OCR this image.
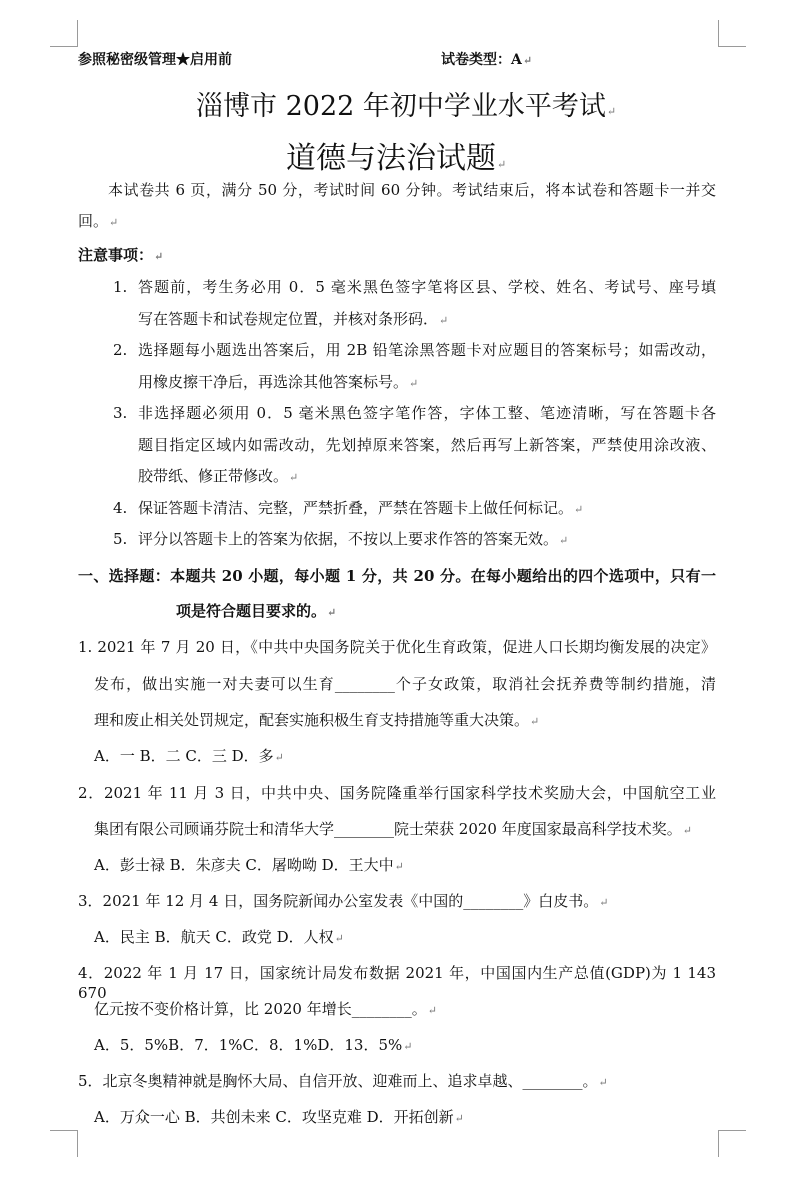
参照秘密级管理★启用前	试卷类型：A↵
淄博市 2022 年初中学业水平考试↵
道德与法治试题↵
本试卷共 6 页，满分 50 分，考试时间 60 分钟。考试结束后，将本试卷和答题卡一并交
回。↵
注意事项：↵
1. 答题前，考生务必用 0．5 毫米黑色签字笔将区县、学校、姓名、考试号、座号填
写在答题卡和试卷规定位置，并核对条形码．↵
2. 选择题每小题选出答案后，用 2B 铅笔涂黑答题卡对应题目的答案标号；如需改动，
用橡皮擦干净后，再选涂其他答案标号。↵
3. 非选择题必须用 0．5 毫米黑色签字笔作答，字体工整、笔迹清晰，写在答题卡各
题目指定区域内如需改动，先划掉原来答案，然后再写上新答案，严禁使用涂改液、
胶带纸、修正带修改。↵
4. 保证答题卡清洁、完整，严禁折叠，严禁在答题卡上做任何标记。↵
5. 评分以答题卡上的答案为依据，不按以上要求作答的答案无效。↵
一、选择题：本题共 20 小题，每小题 1 分，共 20 分。在每小题给出的四个选项中，只有一
项是符合题目要求的。↵
1. 2021 年 7 月 20 日，《中共中央国务院关于优化生育政策，促进人口长期均衡发展的决定》
发布，做出实施一对夫妻可以生育________个子女政策，取消社会抚养费等制约措施，清
理和废止相关处罚规定，配套实施积极生育支持措施等重大决策。↵
A．一 B．二 C．三 D．多↵
2．2021 年 11 月 3 日，中共中央、国务院隆重举行国家科学技术奖励大会，中国航空工业
集团有限公司顾诵芬院士和清华大学________院士荣获 2020 年度国家最高科学技术奖。↵
A．彭士禄 B．朱彦夫 C．屠呦呦 D．王大中↵
3．2021 年 12 月 4 日，国务院新闻办公室发表《中国的________》白皮书。↵
A．民主 B．航天 C．政党 D．人权↵
4．2022 年 1 月 17 日，国家统计局发布数据 2021 年，中国国内生产总值(GDP)为 1 143 670
亿元按不变价格计算，比 2020 年增长________。↵
A．5．5%B．7．1%C．8．1%D．13．5%↵
5．北京冬奥精神就是胸怀大局、自信开放、迎难而上、追求卓越、________。↵
A．万众一心 B．共创未来 C．攻坚克难 D．开拓创新↵
